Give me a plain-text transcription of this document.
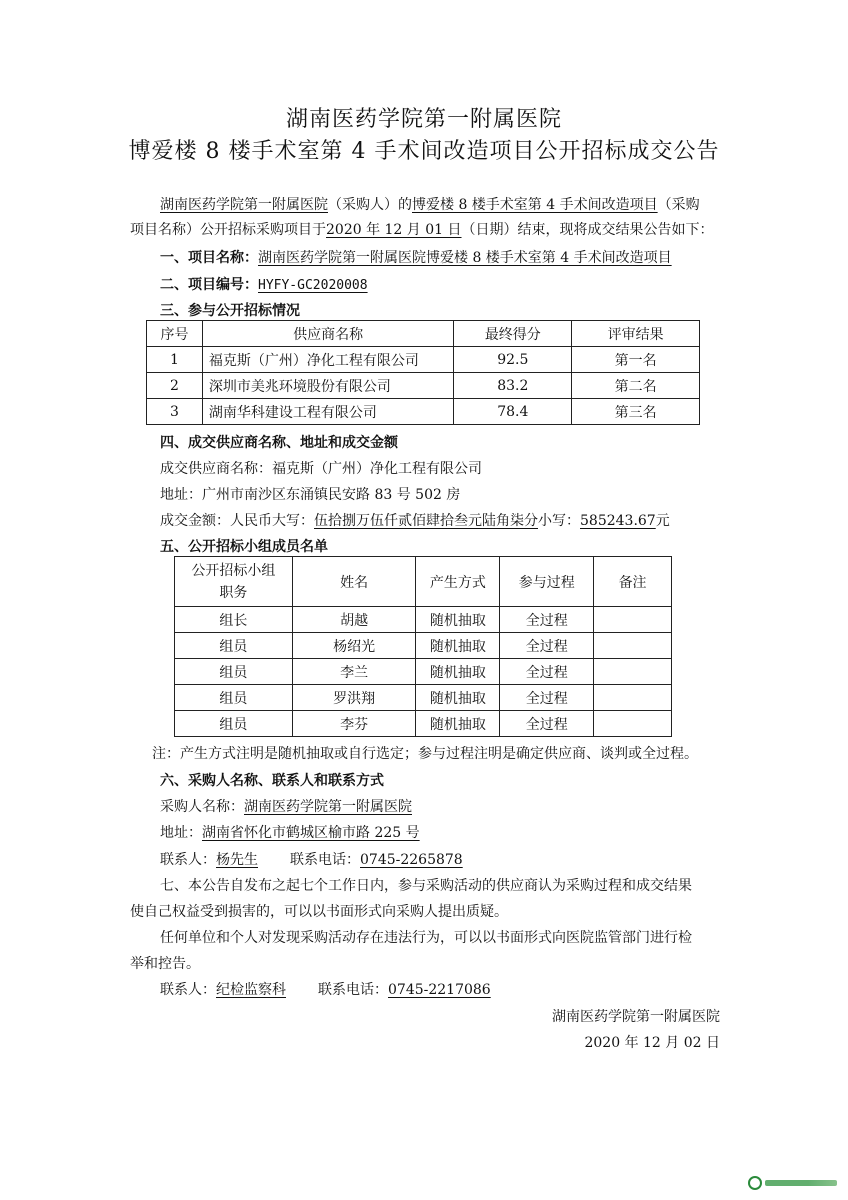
湖南医药学院第一附属医院
博爱楼 8 楼手术室第 4 手术间改造项目公开招标成交公告
湖南医药学院第一附属医院（采购人）的博爱楼 8 楼手术室第 4 手术间改造项目（采购
项目名称）公开招标采购项目于2020 年 12 月 01 日（日期）结束，现将成交结果公告如下：
一、项目名称：湖南医药学院第一附属医院博爱楼 8 楼手术室第 4 手术间改造项目
二、项目编号：HYFY-GC2020008
三、参与公开招标情况
序号	供应商名称	最终得分	评审结果
1	福克斯（广州）净化工程有限公司	92.5	第一名
2	深圳市美兆环境股份有限公司	83.2	第二名
3	湖南华科建设工程有限公司	78.4	第三名
四、成交供应商名称、地址和成交金额
成交供应商名称：福克斯（广州）净化工程有限公司
地址：广州市南沙区东涌镇民安路 83 号 502 房
成交金额：人民币大写：伍拾捌万伍仟贰佰肆拾叁元陆角柒分小写：585243.67元
五、公开招标小组成员名单
公开招标小组
职务	姓名	产生方式	参与过程	备注
组长	胡越	随机抽取	全过程	
组员	杨绍光	随机抽取	全过程	
组员	李兰	随机抽取	全过程	
组员	罗洪翔	随机抽取	全过程	
组员	李芬	随机抽取	全过程	
注：产生方式注明是随机抽取或自行选定；参与过程注明是确定供应商、谈判或全过程。
六、采购人名称、联系人和联系方式
采购人名称：湖南医药学院第一附属医院
地址：湖南省怀化市鹤城区榆市路 225 号
联系人：杨先生 联系电话：0745-2265878
七、本公告自发布之起七个工作日内，参与采购活动的供应商认为采购过程和成交结果
使自己权益受到损害的，可以以书面形式向采购人提出质疑。
任何单位和个人对发现采购活动存在违法行为，可以以书面形式向医院监管部门进行检
举和控告。
联系人：纪检监察科 联系电话：0745-2217086
湖南医药学院第一附属医院
2020 年 12 月 02 日
